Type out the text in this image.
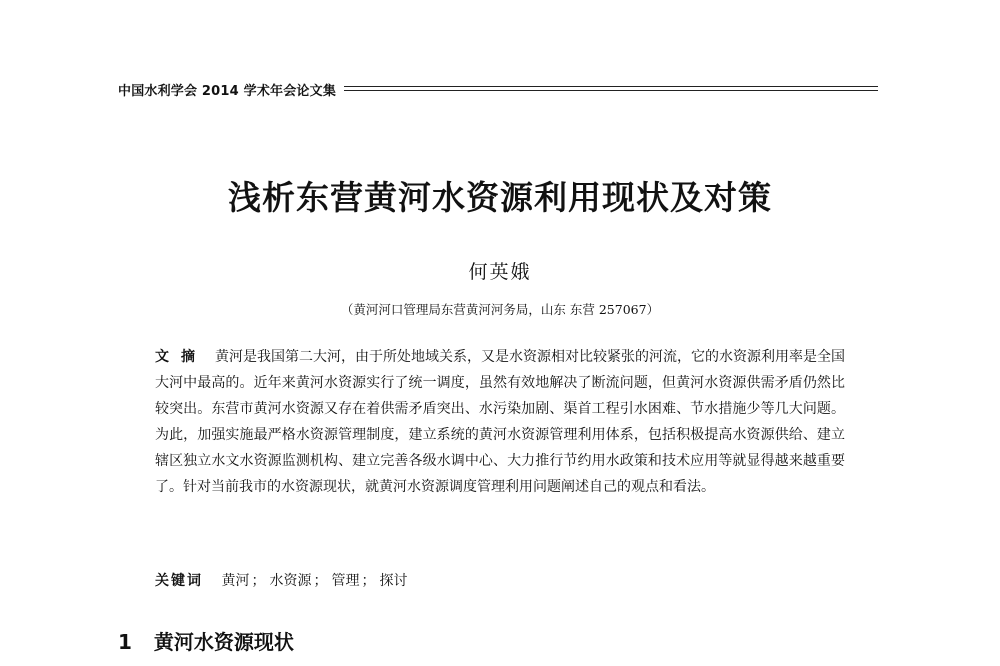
中国水利学会 2014 学术年会论文集
浅析东营黄河水资源利用现状及对策
何英娥
（黄河河口管理局东营黄河河务局，山东 东营 257067）
文摘 黄河是我国第二大河，由于所处地域关系，又是水资源相对比较紧张的河流，它的水资源利用率是全国大河中最高的。近年来黄河水资源实行了统一调度，虽然有效地解决了断流问题，但黄河水资源供需矛盾仍然比较突出。东营市黄河水资源又存在着供需矛盾突出、水污染加剧、渠首工程引水困难、节水措施少等几大问题。为此，加强实施最严格水资源管理制度，建立系统的黄河水资源管理利用体系，包括积极提高水资源供给、建立辖区独立水文水资源监测机构、建立完善各级水调中心、大力推行节约用水政策和技术应用等就显得越来越重要了。针对当前我市的水资源现状，就黄河水资源调度管理利用问题阐述自己的观点和看法。
关键词 黄河 ； 水资源 ； 管理 ； 探讨
1 黄河水资源现状
